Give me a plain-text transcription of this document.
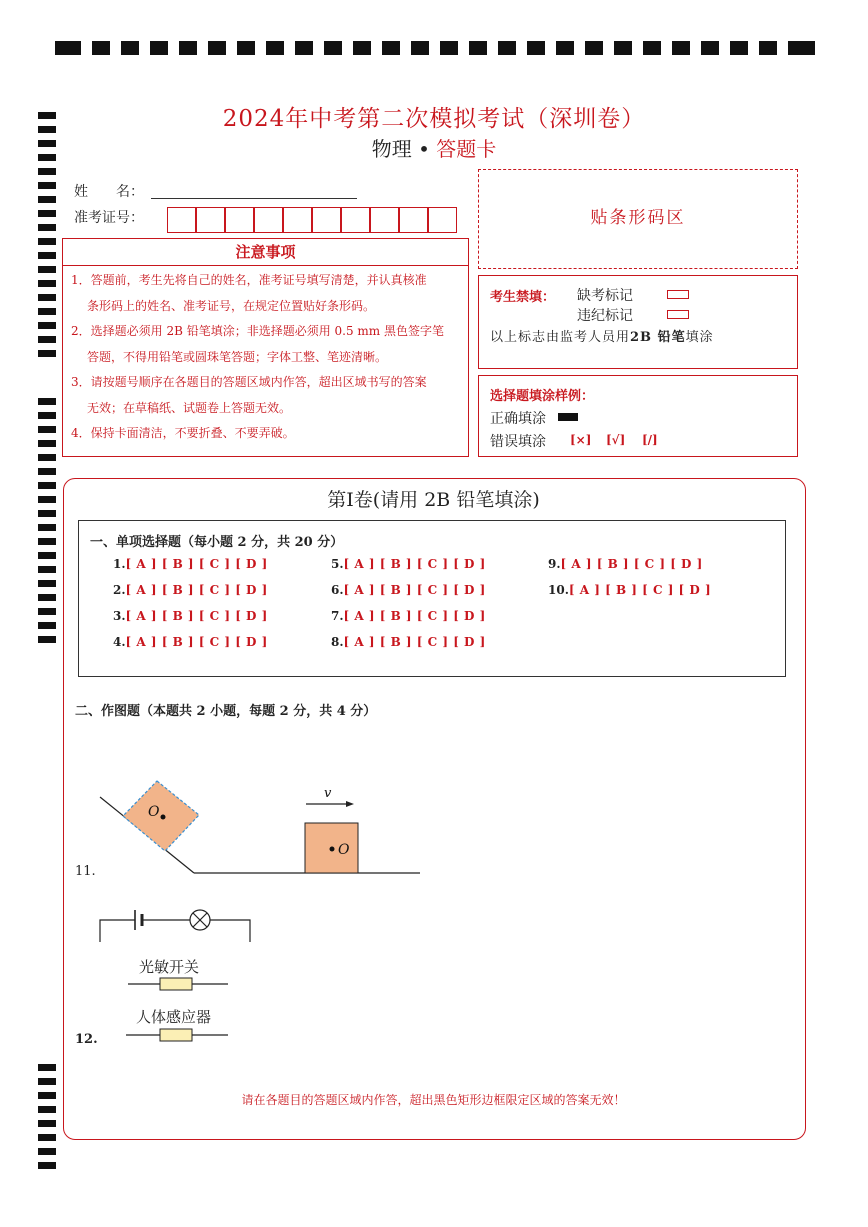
2024年中考第二次模拟考试（深圳卷）
物理 • 答题卡
姓　　名：
准考证号：
注意事项

1．答题前，考生先将自己的姓名，准考证号填写清楚，并认真核准

条形码上的姓名、准考证号，在规定位置贴好条形码。

2．选择题必须用 2B 铅笔填涂；非选择题必须用 0.5 mm 黑色签字笔

答题，不得用铅笔或圆珠笔答题；字体工整、笔迹清晰。

3．请按题号顺序在各题目的答题区域内作答，超出区域书写的答案

无效；在草稿纸、试题卷上答题无效。

4．保持卡面清洁，不要折叠、不要弄破。

贴条形码区
考生禁填： 缺考标记
违纪标记
以上标志由监考人员用2B 铅笔填涂
选择题填涂样例：
正确填涂
错误填涂 [×] [√] [/]
第Ⅰ卷(请用 2B 铅笔填涂)
一、单项选择题（每小题 2 分，共 20 分）
1.[ A ] [ B ] [ C ] [ D ]
2.[ A ] [ B ] [ C ] [ D ]
3.[ A ] [ B ] [ C ] [ D ]
4.[ A ] [ B ] [ C ] [ D ]
5.[ A ] [ B ] [ C ] [ D ]
6.[ A ] [ B ] [ C ] [ D ]
7.[ A ] [ B ] [ C ] [ D ]
8.[ A ] [ B ] [ C ] [ D ]
9.[ A ] [ B ] [ C ] [ D ]
10.[ A ] [ B ] [ C ] [ D ]
二、作图题（本题共 2 小题，每题 2 分，共 4 分）
O
O
v
11.
光敏开关
人体感应器
12.
请在各题目的答题区域内作答，超出黑色矩形边框限定区域的答案无效！
